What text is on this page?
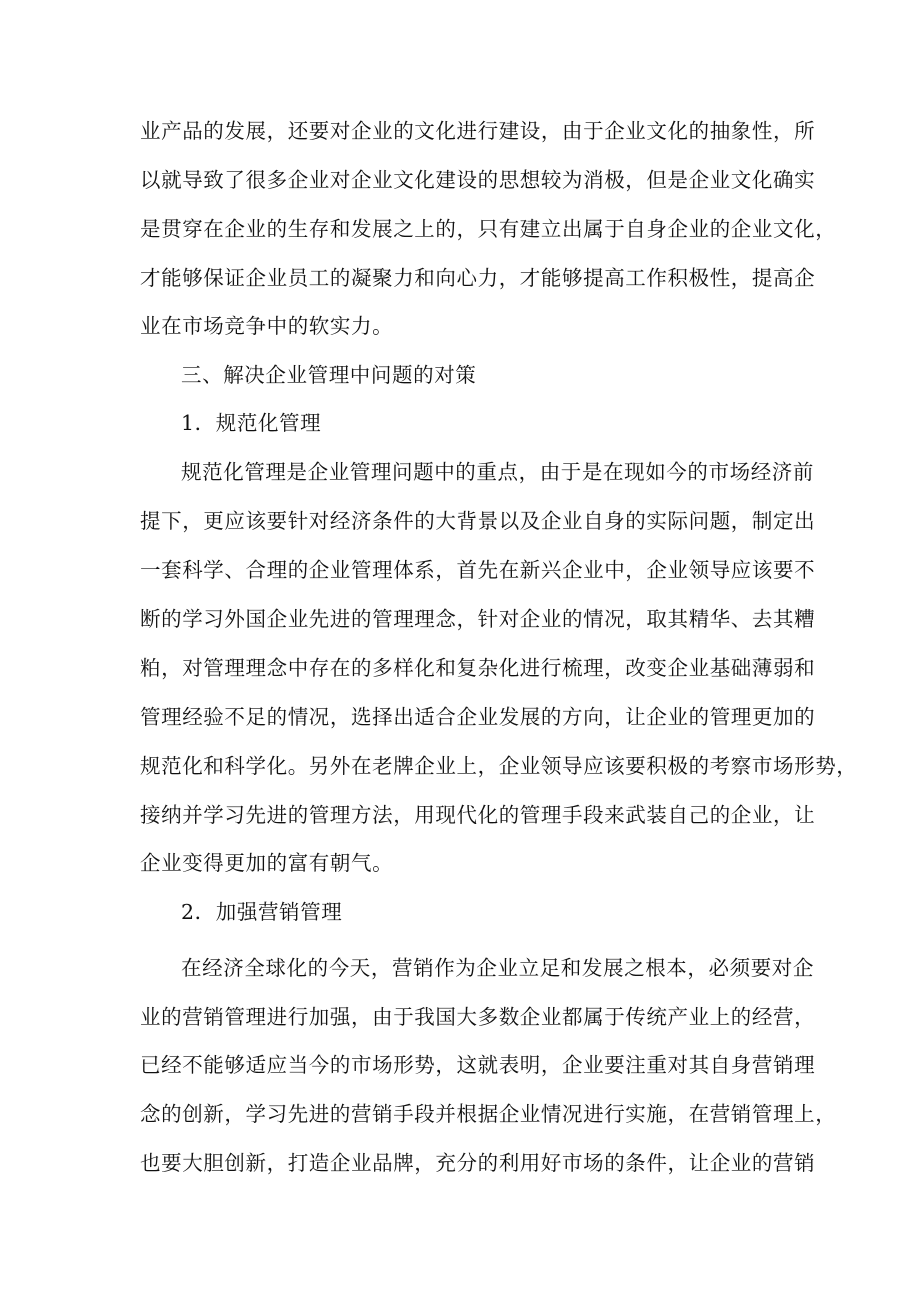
业产品的发展，还要对企业的文化进行建设，由于企业文化的抽象性，所
以就导致了很多企业对企业文化建设的思想较为消极，但是企业文化确实
是贯穿在企业的生存和发展之上的，只有建立出属于自身企业的企业文化，
才能够保证企业员工的凝聚力和向心力，才能够提高工作积极性，提高企
业在市场竞争中的软实力。
三、解决企业管理中问题的对策
1．规范化管理
规范化管理是企业管理问题中的重点，由于是在现如今的市场经济前
提下，更应该要针对经济条件的大背景以及企业自身的实际问题，制定出
一套科学、合理的企业管理体系，首先在新兴企业中，企业领导应该要不
断的学习外国企业先进的管理理念，针对企业的情况，取其精华、去其糟
粕，对管理理念中存在的多样化和复杂化进行梳理，改变企业基础薄弱和
管理经验不足的情况，选择出适合企业发展的方向，让企业的管理更加的
规范化和科学化。另外在老牌企业上，企业领导应该要积极的考察市场形势，
接纳并学习先进的管理方法，用现代化的管理手段来武装自己的企业，让
企业变得更加的富有朝气。
2．加强营销管理
在经济全球化的今天，营销作为企业立足和发展之根本，必须要对企
业的营销管理进行加强，由于我国大多数企业都属于传统产业上的经营，
已经不能够适应当今的市场形势，这就表明，企业要注重对其自身营销理
念的创新，学习先进的营销手段并根据企业情况进行实施，在营销管理上，
也要大胆创新，打造企业品牌，充分的利用好市场的条件，让企业的营销
